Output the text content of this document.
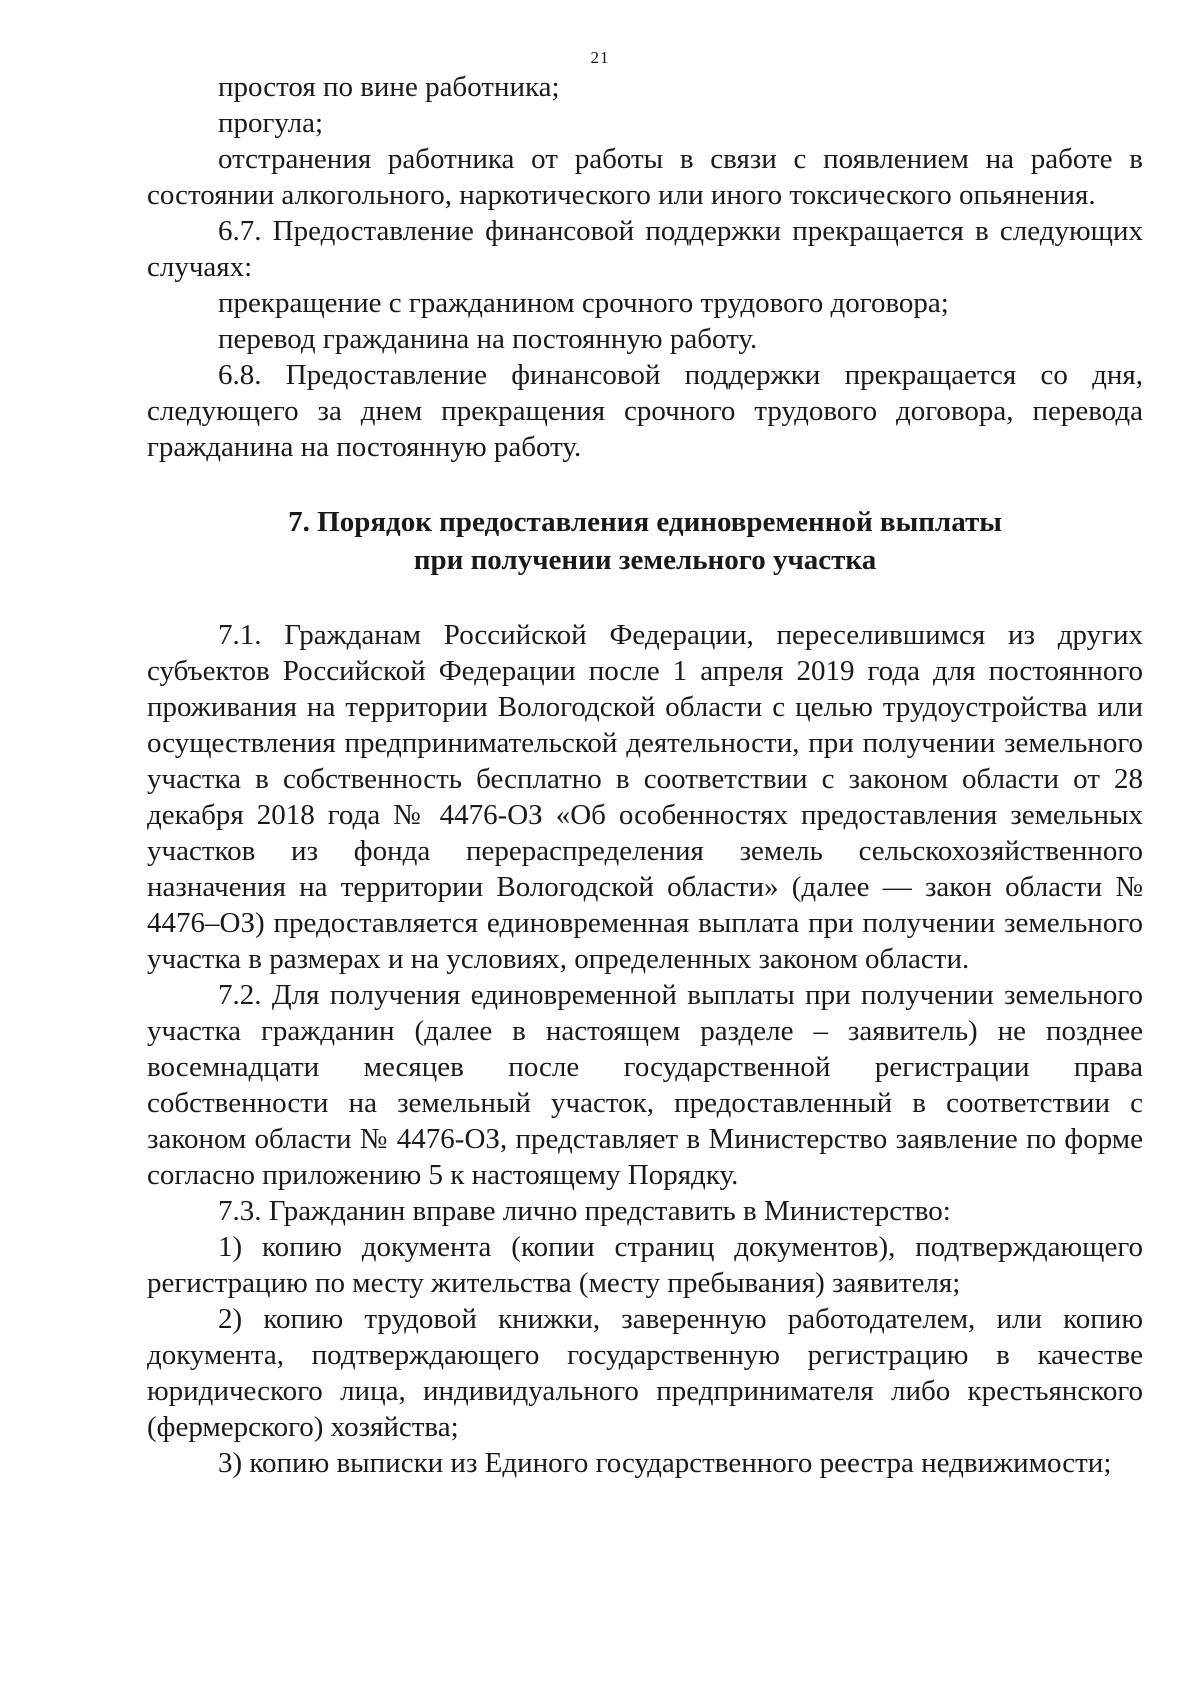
21

простоя по вине работника;

прогула;

отстранения работника от работы в связи с появлением на работе в состоянии алкогольного, наркотического или иного токсического опьянения.

6.7. Предоставление финансовой поддержки прекращается в следующих случаях:

прекращение с гражданином срочного трудового договора;

перевод гражданина на постоянную работу.

6.8. Предоставление финансовой поддержки прекращается со дня, следующего за днем прекращения срочного трудового договора, перевода гражданина на постоянную работу.

7. Порядок предоставления единовременной выплаты
при получении земельного участка

7.1. Гражданам Российской Федерации, переселившимся из других субъектов Российской Федерации после 1 апреля 2019 года для постоянного проживания на территории Вологодской области с целью трудоустройства или осуществления предпринимательской деятельности, при получении земельного участка в собственность бесплатно в соответствии с законом области от 28 декабря 2018 года № 4476-ОЗ «Об особенностях предоставления земельных участков из фонда перераспределения земель сельскохозяйственного назначения на территории Вологодской области» (далее — закон области № 4476–ОЗ) предоставляется единовременная выплата при получении земельного участка в размерах и на условиях, определенных законом области.

7.2. Для получения единовременной выплаты при получении земельного участка гражданин (далее в настоящем разделе – заявитель) не позднее восемнадцати месяцев после государственной регистрации права собственности на земельный участок, предоставленный в соответствии с законом области № 4476-ОЗ, представляет в Министерство заявление по форме согласно приложению 5 к настоящему Порядку.

7.3. Гражданин вправе лично представить в Министерство:

1) копию документа (копии страниц документов), подтверждающего регистрацию по месту жительства (месту пребывания) заявителя;

2) копию трудовой книжки, заверенную работодателем, или копию документа, подтверждающего государственную регистрацию в качестве юридического лица, индивидуального предпринимателя либо крестьянского (фермерского) хозяйства;

3) копию выписки из Единого государственного реестра недвижимости;
